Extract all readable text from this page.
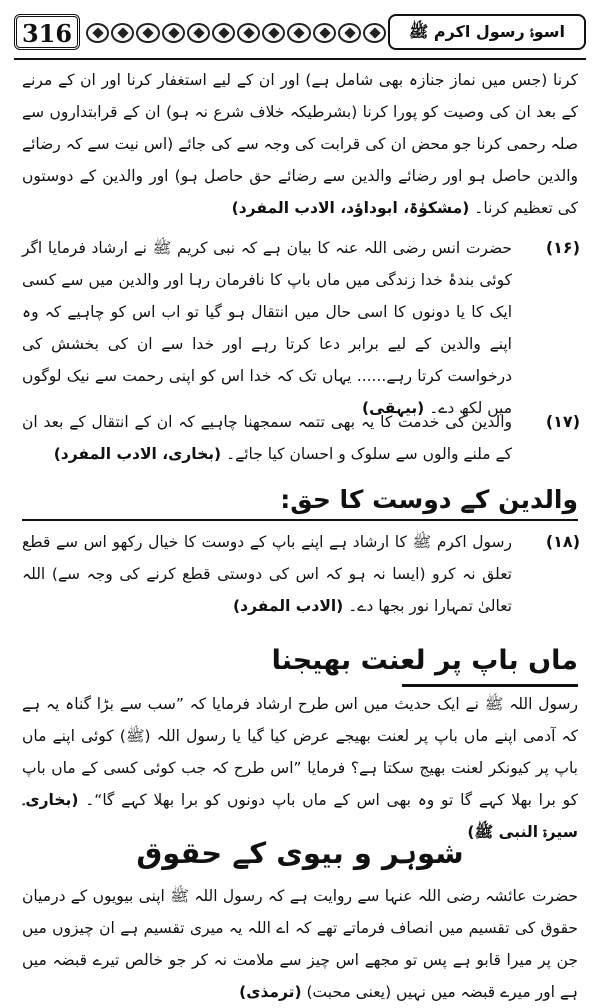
316	اسوۂ رسول اکرم ﷺ
کرنا (جس میں نماز جنازہ بھی شامل ہے) اور ان کے لیے استغفار کرنا اور ان کے مرنے کے بعد ان کی وصیت کو پورا کرنا (بشرطیکہ خلاف شرع نہ ہو) ان کے قرابتداروں سے صلہ رحمی کرنا جو محض ان کی قرابت کی وجہ سے کی جائے (اس نیت سے کہ رضائے والدین حاصل ہو اور رضائے والدین سے رضائے حق حاصل ہو) اور والدین کے دوستوں کی تعظیم کرنا۔ (مشکوٰۃ، ابوداؤد، الادب المفرد)
(۱۶)
حضرت انس رضی اللہ عنہ کا بیان ہے کہ نبی کریم ﷺ نے ارشاد فرمایا اگر کوئی بندۂ خدا زندگی میں ماں باپ کا نافرمان رہا اور والدین میں سے کسی ایک کا یا دونوں کا اسی حال میں انتقال ہو گیا تو اب اس کو چاہیے کہ وہ اپنے والدین کے لیے برابر دعا کرتا رہے اور خدا سے ان کی بخشش کی درخواست کرتا رہے...... یہاں تک کہ خدا اس کو اپنی رحمت سے نیک لوگوں میں لکھ دے۔ (بیہقی)
(۱۷)
والدین کی خدمت کا یہ بھی تتمہ سمجھنا چاہیے کہ ان کے انتقال کے بعد ان کے ملنے والوں سے سلوک و احسان کیا جائے۔ (بخاری، الادب المفرد)
والدین کے دوست کا حق:
(۱۸)
رسول اکرم ﷺ کا ارشاد ہے اپنے باپ کے دوست کا خیال رکھو اس سے قطع تعلق نہ کرو (ایسا نہ ہو کہ اس کی دوستی قطع کرنے کی وجہ سے) اللہ تعالیٰ تمہارا نور بجھا دے۔ (الادب المفرد)
ماں باپ پر لعنت بھیجنا
رسول اللہ ﷺ نے ایک حدیث میں اس طرح ارشاد فرمایا کہ ”سب سے بڑا گناہ یہ ہے کہ آدمی اپنے ماں باپ پر لعنت بھیجے عرض کیا گیا یا رسول اللہ (ﷺ) کوئی اپنے ماں باپ پر کیونکر لعنت بھیج سکتا ہے؟ فرمایا ”اس طرح کہ جب کوئی کسی کے ماں باپ کو برا بھلا کہے گا تو وہ بھی اس کے ماں باپ دونوں کو برا بھلا کہے گا“۔ (بخاری۔ سیرۃ النبی ﷺ)
شوہر و بیوی کے حقوق
حضرت عائشہ رضی اللہ عنہا سے روایت ہے کہ رسول اللہ ﷺ اپنی بیویوں کے درمیان حقوق کی تقسیم میں انصاف فرماتے تھے کہ اے اللہ یہ میری تقسیم ہے ان چیزوں میں جن پر میرا قابو ہے پس تو مجھے اس چیز سے ملامت نہ کر جو خالص تیرے قبضہ میں ہے اور میرے قبضہ میں نہیں (یعنی محبت) (ترمذی)
